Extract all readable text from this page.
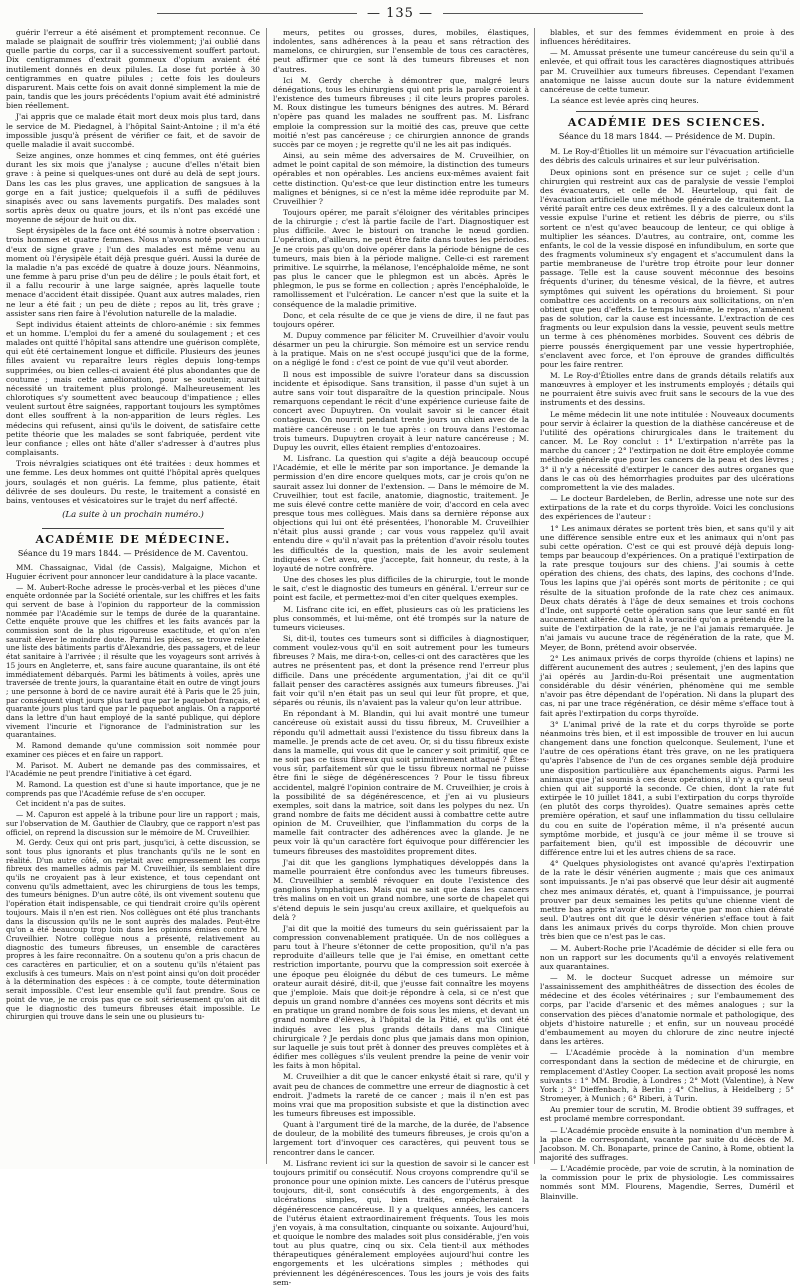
— 135 —

guérir l'erreur a été aisément et promptement reconnue. Ce malade se plaignait de souffrir très violemment; j'ai oublié dans quelle partie du corps, car il a successivement souffert partout. Dix centigrammes d'extrait gommeux d'opium avaient été inutilement donnés en deux pilules. La dose fut portée à 30 centigrammes en quatre pilules ; cette fois les douleurs disparurent. Mais cette fois on avait donné simplement la mie de pain, tandis que les jours précédents l'opium avait été administré bien réellement.

J'ai appris que ce malade était mort deux mois plus tard, dans le service de M. Piedagnel, à l'hôpital Saint-Antoine ; il m'a été impossible jusqu'à présent de vérifier ce fait, et de savoir de quelle maladie il avait succombé.

Seize angines, onze hommes et cinq femmes, ont été guéries durant les six mois que j'analyse ; aucune d'elles n'était bien grave : à peine si quelques-unes ont duré au delà de sept jours. Dans les cas les plus graves, une application de sangsues à la gorge en a fait justice; quelquefois il a suffi de pédiluves sinapisés avec ou sans lavements purgatifs. Des malades sont sortis après deux ou quatre jours, et ils n'ont pas excédé une moyenne de séjour de huit ou dix.

Sept érysipèles de la face ont été soumis à notre observation : trois hommes et quatre femmes. Nous n'avons noté pour aucun d'eux de signe grave ; l'un des malades est même venu au moment où l'érysipèle était déjà presque guéri. Aussi la durée de la maladie n'a pas excédé de quatre à douze jours. Néanmoins, une femme à paru prise d'un peu de délire ; le pouls était fort, et il a fallu recourir à une large saignée, après laquelle toute menace d'accident était dissipée. Quant aux autres malades, rien ne leur a été fait ; un peu de diète ; repos au lit, très grave ; assister sans rien faire à l'évolution naturelle de la maladie.

Sept individus étaient atteints de chloro-anémie : six femmes et un homme. L'emploi du fer a amené du soulagement ; et ces malades ont quitté l'hôpital sans attendre une guérison complète, qui eût été certainement longue et difficile. Plusieurs des jeunes filles avaient vu reparaître leurs règles depuis long-temps supprimées, ou bien celles-ci avaient été plus abondantes que de coutume ; mais cette amélioration, pour se soutenir, aurait nécessité un traitement plus prolongé. Malheureusement les chlorotiques s'y soumettent avec beaucoup d'impatience ; elles veulent surtout être saignées, rapportant toujours les symptômes dont elles souffrent à la non-apparition de leurs règles. Les médecins qui refusent, ainsi qu'ils le doivent, de satisfaire cette petite théorie que les malades se sont fabriquée, perdent vite leur confiance ; elles ont hâte d'aller s'adresser à d'autres plus complaisants.

Trois névralgies sciatiques ont été traitées : deux hommes et une femme. Les deux hommes ont quitté l'hôpital après quelques jours, soulagés et non guéris. La femme, plus patiente, était délivrée de ses douleurs. Du reste, le traitement a consisté en bains, ventouses et vésicatoires sur le trajet du nerf affecté.

(La suite à un prochain numéro.)
ACADÉMIE DE MÉDECINE.
Séance du 19 mars 1844. — Présidence de M. Caventou.

MM. Chassaignac, Vidal (de Cassis), Malgaigne, Michon et Huguier écrivent pour annoncer leur candidature à la place vacante.

— M. Aubert-Roche adresse le procès-verbal et les pièces d'une enquête ordonnée par la Société orientale, sur les chiffres et les faits qui servent de base à l'opinion du rapporteur de la commission nommée par l'Académie sur le temps de durée de la quarantaine. Cette enquête prouve que les chiffres et les faits avancés par la commission sont de la plus rigoureuse exactitude, et qu'on n'en saurait élever le moindre doute. Parmi les pièces, se trouve relatée une liste des bâtiments partis d'Alexandrie, des passagers, et de leur état sanitaire à l'arrivée ; il résulte que les voyageurs sont arrivés à 15 jours en Angleterre, et, sans faire aucune quarantaine, ils ont été immédiatement débarqués. Parmi les bâtiments à voiles, après une traversée de trente jours, la quarantaine était en outre de vingt jours ; une personne à bord de ce navire aurait été à Paris que le 25 juin, par conséquent vingt jours plus tard que par le paquebot français, et quarante jours plus tard que par le paquebot anglais. On a rapporté dans la lettre d'un haut employé de la santé publique, qui déplore vivement l'incurie et l'ignorance de l'administration sur les quarantaines.

M. Ramond demande qu'une commission soit nommée pour examiner ces pièces et en faire un rapport.

M. Parisot. M. Aubert ne demande pas des commissaires, et l'Académie ne peut prendre l'initiative à cet égard.

M. Ramond. La question est d'une si haute importance, que je ne comprends pas que l'Académie refuse de s'en occuper.

Cet incident n'a pas de suites.

— M. Capuron est appelé à la tribune pour lire un rapport ; mais, sur l'observation de M. Gauthier de Claubry, que ce rapport n'est pas officiel, on reprend la discussion sur le mémoire de M. Cruveilhier.

M. Gerdy. Ceux qui ont pris part, jusqu'ici, à cette discussion, se sont tous plus ignorants et plus tranchants qu'ils ne le sont en réalité. D'un autre côté, on rejetait avec empressement les corps fibreux des mamelles admis par M. Cruveilhier, ils semblaient dire qu'ils ne croyaient pas à leur existence, et tous cependant ont convenu qu'ils admettaient, avec les chirurgiens de tous les temps, des tumeurs bénignes. D'un autre côté, ils ont vivement soutenu que l'opération était indispensable, ce qui tiendrait croire qu'ils opèrent toujours. Mais il n'en est rien. Nos collègues ont été plus tranchants dans la discussion qu'ils ne le sont auprès des malades. Peut-être qu'on a été beaucoup trop loin dans les opinions émises contre M. Cruveilhier. Notre collègue nous a présenté, relativement au diagnostic des tumeurs fibreuses, un ensemble de caractères propres à les faire reconnaître. On a soutenu qu'on a pris chacun de ces caractères en particulier, et on a soutenu qu'ils n'étaient pas exclusifs à ces tumeurs. Mais on n'est point ainsi qu'on doit procéder à la détermination des espèces : à ce compte, toute détermination serait impossible. C'est leur ensemble qu'il faut prendre. Sous ce point de vue, je ne crois pas que ce soit sérieusement qu'on ait dit que le diagnostic des tumeurs fibreuses était impossible. Le chirurgien qui trouve dans le sein une ou plusieurs tu-

meurs, petites ou grosses, dures, mobiles, élastiques, indolentes, sans adhérences à la peau et sans rétraction des mamelons, ce chirurgien, sur l'ensemble de tous ces caractères, peut affirmer que ce sont là des tumeurs fibreuses et non d'autres.

Ici M. Gerdy cherche à démontrer que, malgré leurs dénégations, tous les chirurgiens qui ont pris la parole croient à l'existence des tumeurs fibreuses ; il cite leurs propres paroles. M. Roux distingue les tumeurs bénignes des autres. M. Bérard n'opère pas quand les malades ne souffrent pas. M. Lisfranc emploie la compression sur la moitié des cas, preuve que cette moitié n'est pas cancéreuse ; ce chirurgien annonce de grands succès par ce moyen ; je regrette qu'il ne les ait pas indiqués.

Ainsi, au sein même des adversaires de M. Cruveilhier, on admet le point capital de son mémoire, la distinction des tumeurs opérables et non opérables. Les anciens eux-mêmes avaient fait cette distinction. Qu'est-ce que leur distinction entre les tumeurs malignes et bénignes, si ce n'est la même idée reproduite par M. Cruveilhier ?

Toujours opérer, me paraît s'éloigner des véritables principes de la chirurgie ; c'est là partie facile de l'art. Diagnostiquer est plus difficile. Avec le bistouri on tranche le nœud gordien. L'opération, d'ailleurs, ne peut être faite dans toutes les périodes. Je ne crois pas qu'on doive opérer dans la période bénigne de ces tumeurs, mais bien à la période maligne. Celle-ci est rarement primitive. Le squirrhe, la mélanose, l'encéphaloïde même, ne sont pas plus le cancer que le phlegmon est un abcès. Après le phlegmon, le pus se forme en collection ; après l'encéphaloïde, le ramollissement et l'ulcération. Le cancer n'est que la suite et la conséquence de la maladie primitive.

Donc, et cela résulte de ce que je viens de dire, il ne faut pas toujours opérer.

M. Dupuy commence par féliciter M. Cruveilhier d'avoir voulu désarmer un peu la chirurgie. Son mémoire est un service rendu à la pratique. Mais on ne s'est occupé jusqu'ici que de la forme, on a négligé le fond : c'est ce point de vue qu'il veut aborder.

Il nous est impossible de suivre l'orateur dans sa discussion incidente et épisodique. Sans transition, il passe d'un sujet à un autre sans voir tout disparaître de la question principale. Nous remarquons cependant le récit d'une expérience curieuse faite de concert avec Dupuytren. On voulait savoir si le cancer était contagieux. On nourrit pendant trente jours un chien avec de la matière cancéreuse : on le tue après : on trouva dans l'estomac trois tumeurs. Dupuytren croyait à leur nature cancéreuse ; M. Dupuy les ouvrit, elles étaient remplies d'entozoaires.

M. Lisfranc. La question qui s'agite a déjà beaucoup occupé l'Académie, et elle le mérite par son importance. Je demande la permission d'en dire encore quelques mots, car je crois qu'on ne saurait assez lui donner de l'extension. — Dans le mémoire de M. Cruveilhier, tout est facile, anatomie, diagnostic, traitement. Je me suis élevé contre cette manière de voir, d'accord en cela avec presque tous mes collègues. Mais dans sa dernière réponse aux objections qui lui ont été présentées, l'honorable M. Cruveilhier n'était plus aussi grande ; car vous vous rappelez qu'il avait entendu dire « qu'il n'avait pas la prétention d'avoir résolu toutes les difficultés de la question, mais de les avoir seulement indiquées » Cet aveu, que j'accepte, fait honneur, du reste, à la loyauté de notre confrère.

Une des choses les plus difficiles de la chirurgie, tout le monde le sait, c'est le diagnostic des tumeurs en général. L'erreur sur ce point est facile, et permettez-moi d'en citer quelques exemples.

M. Lisfranc cite ici, en effet, plusieurs cas où les praticiens les plus consommés, et lui-même, ont été trompés sur la nature de tumeurs vicieuses.

Si, dit-il, toutes ces tumeurs sont si difficiles à diagnostiquer, comment voulez-vous qu'il en soit autrement pour les tumeurs fibreuses ? Mais, me dira-t-on, celles-ci ont des caractères que les autres ne présentent pas, et dont la présence rend l'erreur plus difficile. Dans une précédente argumentation, j'ai dit ce qu'il fallait penser des caractères assignés aux tumeurs fibreuses. J'ai fait voir qu'il n'en était pas un seul qui leur fût propre, et que, séparés ou réunis, ils n'avaient pas la valeur qu'on leur attribue.

En répondant à M. Blandin, qui lui avait montré une tumeur cancéreuse où existait aussi du tissu fibreux, M. Cruveilhier a répondu qu'il admettait aussi l'existence du tissu fibreux dans la mamelle. Je prends acte de cet aveu. Or, si du tissu fibreux existe dans la mamelle, qui vous dit que le cancer y soit primitif, que ce ne soit pas ce tissu fibreux qui soit primitivement attaqué ? Êtes-vous sûr, parfaitement sûr que le tissu fibreux normal ne puisse être fini le siège de dégénérescences ? Pour le tissu fibreux accidentel, malgré l'opinion contraire de M. Cruveilhier, je crois à la possibilité de sa dégénérescence, et j'en ai vu plusieurs exemples, soit dans la matrice, soit dans les polypes du nez. Un grand nombre de faits me décident aussi à combattre cette autre opinion de M. Cruveilhier, que l'inflammation du corps de la mamelle fait contracter des adhérences avec la glande. Je ne peux voir là qu'un caractère fort équivoque pour différencier les tumeurs fibreuses des mastoïdites proprement dites.

J'ai dit que les ganglions lymphatiques développés dans la mamelle pourraient être confondus avec les tumeurs fibreuses. M. Cruveilhier a semblé révoquer en doute l'existence des ganglions lymphatiques. Mais qui ne sait que dans les cancers très malins on en voit un grand nombre, une sorte de chapelet qui s'étend depuis le sein jusqu'au creux axillaire, et quelquefois au delà ?

J'ai dit que la moitié des tumeurs du sein guérissaient par la compression convenablement pratiquée. Un de nos collègues a paru tout à l'heure s'étonner de cette proposition, qu'il n'a pas reproduite d'ailleurs telle que je l'ai émise, en omettant cette restriction importante, pourvu que la compression soit exercée à une époque peu éloignée du début de ces tumeurs. Le même orateur aurait désiré, dit-il, que j'eusse fait connaître les moyens que j'emploie. Mais que doit-je répondre à cela, si ce n'est que depuis un grand nombre d'années ces moyens sont décrits et mis en pratique un grand nombre de fois sous les miens, et devant un grand nombre d'élèves, à l'hôpital de la Pitié, et qu'ils ont été indiqués avec les plus grands détails dans ma Clinique chirurgicale ? Je perdais donc plus que jamais dans mon opinion, sur laquelle je suis tout prêt à donner des preuves complètes et à édifier mes collègues s'ils veulent prendre la peine de venir voir les faits à mon hôpital.

M. Cruveilhier a dit que le cancer enkysté était si rare, qu'il y avait peu de chances de commettre une erreur de diagnostic à cet endroit. J'admets la rareté de ce cancer ; mais il n'en est pas moins vrai que ma proposition subsiste et que la distinction avec les tumeurs fibreuses est impossible.

Quant à l'argument tiré de la marche, de la durée, de l'absence de douleur, de la mobilité des tumeurs fibreuses, je crois qu'on a largement tort d'invoquer ces caractères, qui peuvent tous se rencontrer dans le cancer.

M. Lisfranc revient ici sur la question de savoir si le cancer est toujours primitif ou consécutif. Nous croyons comprendre qu'il se prononce pour une opinion mixte. Les cancers de l'utérus presque toujours, dit-il, sont consécutifs à des engorgements, à des ulcérations simples, qui, bien traités, empêcheraient la dégénérescence cancéreuse. Il y a quelques années, les cancers de l'utérus étaient extraordinairement fréquents. Tous les mois j'en voyais, à ma consultation, cinquante ou soixante. Aujourd'hui, et quoique le nombre des malades soit plus considérable, j'en vois tout au plus quatre, cinq ou six. Cela tient-il aux méthodes thérapeutiques généralement employées aujourd'hui contre les engorgements et les ulcérations simples ; méthodes qui préviennent les dégénérescences. Tous les jours je vois des faits sem-

blables, et sur des femmes évidemment en proie à des influences héréditaires.

— M. Amussat présente une tumeur cancéreuse du sein qu'il a enlevée, et qui offrait tous les caractères diagnostiques attribués par M. Cruveilhier aux tumeurs fibreuses. Cependant l'examen anatomique ne laisse aucun doute sur la nature évidemment cancéreuse de cette tumeur.

La séance est levée après cinq heures.

ACADÉMIE DES SCIENCES.
Séance du 18 mars 1844. — Présidence de M. Dupin.

M. Le Roy-d'Étiolles lit un mémoire sur l'évacuation artificielle des débris des calculs urinaires et sur leur pulvérisation.

Deux opinions sont en présence sur ce sujet ; celle d'un chirurgien qui restreint aux cas de paralysie de vessie l'emploi des évacuateurs, et celle de M. Heurteloup, qui fait de l'évacuation artificielle une méthode générale de traitement. La vérité paraît entre ces deux extrêmes. Il y a des calculeux dont la vessie expulse l'urine et retient les débris de pierre, ou s'ils sortent ce n'est qu'avec beaucoup de lenteur, ce qui oblige à multiplier les séances. D'autres, au contraire, ont, comme les enfants, le col de la vessie disposé en infundibulum, en sorte que des fragments volumineux s'y engagent et s'accumulent dans la partie membraneuse de l'urètre trop étroite pour leur donner passage. Telle est la cause souvent méconnue des besoins fréquents d'uriner, du ténesme vésical, de la fièvre, et autres symptômes qui suivent les opérations du broiement. Si pour combattre ces accidents on a recours aux sollicitations, on n'en obtient que peu d'effets. Le temps lui-même, le repos, n'amènent pas de solution, car la cause est incessante. L'extraction de ces fragments ou leur expulsion dans la vessie, peuvent seuls mettre un terme à ces phénomènes morbides. Souvent ces débris de pierre poussés énergiquement par une vessie hypertrophiée, s'enclavent avec force, et l'on éprouve de grandes difficultés pour les faire rentrer.

M. Le Roy-d'Étiolles entre dans de grands détails relatifs aux manœuvres à employer et les instruments employés ; détails qui ne pourraient être suivis avec fruit sans le secours de la vue des instruments et des dessins.

Le même médecin lit une note intitulée : Nouveaux documents pour servir à éclairer la question de la diathèse cancéreuse et de l'utilité des opérations chirurgicales dans le traitement du cancer. M. Le Roy conclut : 1° L'extirpation n'arrête pas la marche du cancer ; 2° l'extirpation ne doit être employée comme méthode générale que pour les cancers de la peau et des lèvres ; 3° il n'y a nécessité d'extirper le cancer des autres organes que dans le cas où des hémorrhagies produites par des ulcérations compromettent la vie des malades.

— Le docteur Bardeleben, de Berlin, adresse une note sur des extirpations de la rate et du corps thyroïde. Voici les conclusions des expériences de l'auteur :

1° Les animaux dérates se portent très bien, et sans qu'il y ait une différence sensible entre eux et les animaux qui n'ont pas subi cette opération. C'est ce qui est prouvé déjà depuis long-temps par beaucoup d'expériences. On a pratiqué l'extirpation de la rate presque toujours sur des chiens. J'ai soumis à cette opération des chiens, des chats, des lapins, des cochons d'Inde. Tous les lapins que j'ai opérés sont morts de péritonite ; ce qui résulte de la situation profonde de la rate chez ces animaux. Deux chats dératés à l'âge de deux semaines et trois cochons d'Inde, ont supporté cette opération sans que leur santé en fût aucunement altérée. Quant à la voracité qu'on a prétendu être la suite de l'extirpation de la rate, je ne l'ai jamais remarquée. Je n'ai jamais vu aucune trace de régénération de la rate, que M. Meyer, de Bonn, prétend avoir observée.

2° Les animaux privés de corps thyroïde (chiens et lapins) ne diffèrent aucunement des autres ; seulement, j'en des lapins que j'ai opérés au Jardin-du-Roi présentait une augmentation considérable du désir vénérien, phénomène qui me semble n'avoir pas être dépendant de l'opération. Ni dans la plupart des cas, ni par une trace régénération, ce désir même s'efface tout à fait après l'extirpation du corps thyroïde.

3° L'animal privé de la rate et du corps thyroïde se porte néanmoins très bien, et il est impossible de trouver en lui aucun changement dans une fonction quelconque. Seulement, l'une et l'autre de ces opérations étant très grave, on ne les pratiquera qu'après l'absence de l'un de ces organes semble déjà produire une disposition particulière aux épanchements aigus. Parmi les animaux que j'ai soumis à ces deux opérations, il n'y a qu'un seul chien qui ait supporté la seconde. Ce chien, dont la rate fut extirpée le 10 juillet 1841, a subi l'extirpation du corps thyroïde (en plutôt des corps thyroïdes). Quatre semaines après cette première opération, et sauf une inflammation du tissu cellulaire du cou en suite de l'opération même, il n'a présenté aucun symptôme morbide, et jusqu'à ce jour même il se trouve si parfaitement bien, qu'il est impossible de découvrir une différence entre lui et les autres chiens de sa race.

4° Quelques physiologistes ont avancé qu'après l'extirpation de la rate le désir vénérien augmente ; mais que ces animaux sont impuissants. Je n'ai pas observé que leur désir ait augmenté chez mes animaux dératés, et, quant à l'impuissance, je pourrai prouver par deux semaines les petits qu'une chienne vient de mettre bas après n'avoir été couverte que par mon chien dératé seul. D'autres ont dit que le désir vénérien s'efface tout à fait dans les animaux privés du corps thyroïde. Mon chien prouve très bien que ce n'est pas le cas.

— M. Aubert-Roche prie l'Académie de décider si elle fera ou non un rapport sur les documents qu'il a envoyés relativement aux quarantaines.

— M. le docteur Sucquet adresse un mémoire sur l'assainissement des amphithéâtres de dissection des écoles de médecine et des écoles vétérinaires ; sur l'embaumement des corps, par l'acide d'arsenic et des mêmes analogues ; sur la conservation des pièces d'anatomie normale et pathologique, des objets d'histoire naturelle ; et enfin, sur un nouveau procédé d'embaumement au moyen du chlorure de zinc neutre injecté dans les artères.

— L'Académie procède à la nomination d'un membre correspondant dans la section de médecine et de chirurgie, en remplacement d'Astley Cooper. La section avait proposé les noms suivants : 1° MM. Brodie, à Londres ; 2° Mott (Valentine), à New York ; 3° Dieffenbach, à Berlin ; 4° Chelius, à Heidelberg ; 5° Stromeyer, à Munich ; 6° Riberi, à Turin.

Au premier tour de scrutin, M. Brodie obtient 39 suffrages, et est proclamé membre correspondant.

— L'Académie procède ensuite à la nomination d'un membre à la place de correspondant, vacante par suite du décès de M. Jacobson. M. Ch. Bonaparte, prince de Canino, à Rome, obtient la majorité des suffrages.

— L'Académie procède, par voie de scrutin, à la nomination de la commission pour le prix de physiologie. Les commissaires nommés sont MM. Flourens, Magendie, Serres, Duméril et Blainville.
